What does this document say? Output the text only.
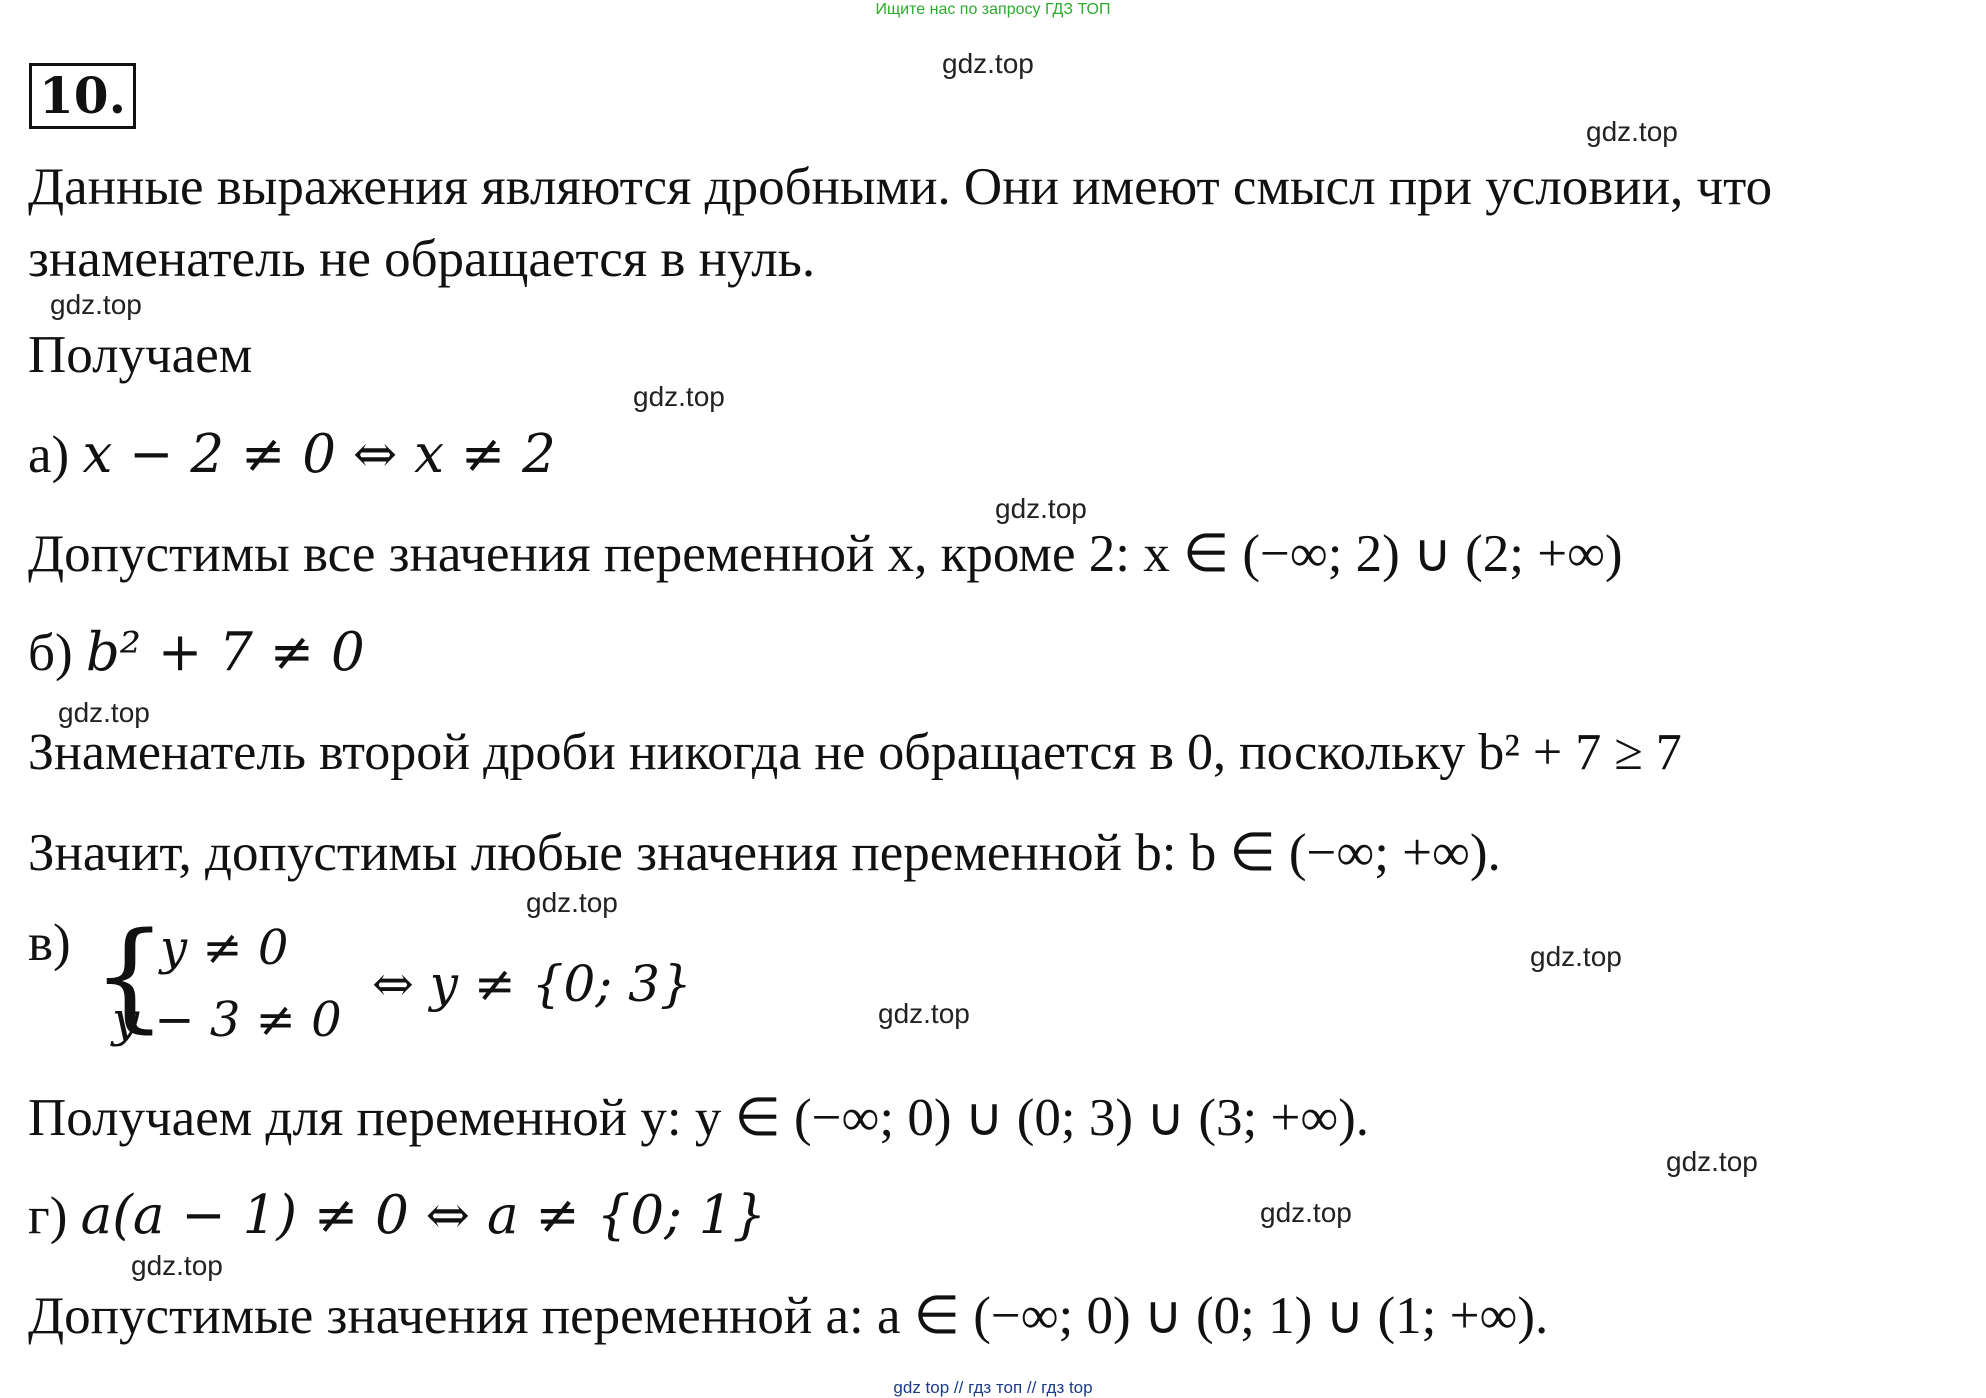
Ищите нас по запросу ГДЗ ТОП
10.
gdz.top
gdz.top
gdz.top
gdz.top
gdz.top
gdz.top
gdz.top
gdz.top
gdz.top
gdz.top
gdz.top
gdz.top
Данные выражения являются дробными. Они имеют смысл при условии, что
знаменатель не обращается в нуль.
Получаем
а) x − 2 ≠ 0 ⇔ x ≠ 2
Допустимы все значения переменной x, кроме 2: x ∈ (−∞; 2) ∪ (2; +∞)
б) b² + 7 ≠ 0
Знаменатель второй дроби никогда не обращается в 0, поскольку b² + 7 ≥ 7
Значит, допустимы любые значения переменной b: b ∈ (−∞; +∞).
в) {
y ≠ 0
y − 3 ≠ 0
⇔ y ≠ {0; 3}
Получаем для переменной y: y ∈ (−∞; 0) ∪ (0; 3) ∪ (3; +∞).
г) a(a − 1) ≠ 0 ⇔ a ≠ {0; 1}
Допустимые значения переменной a: a ∈ (−∞; 0) ∪ (0; 1) ∪ (1; +∞).
gdz top // гдз топ // гдз top
